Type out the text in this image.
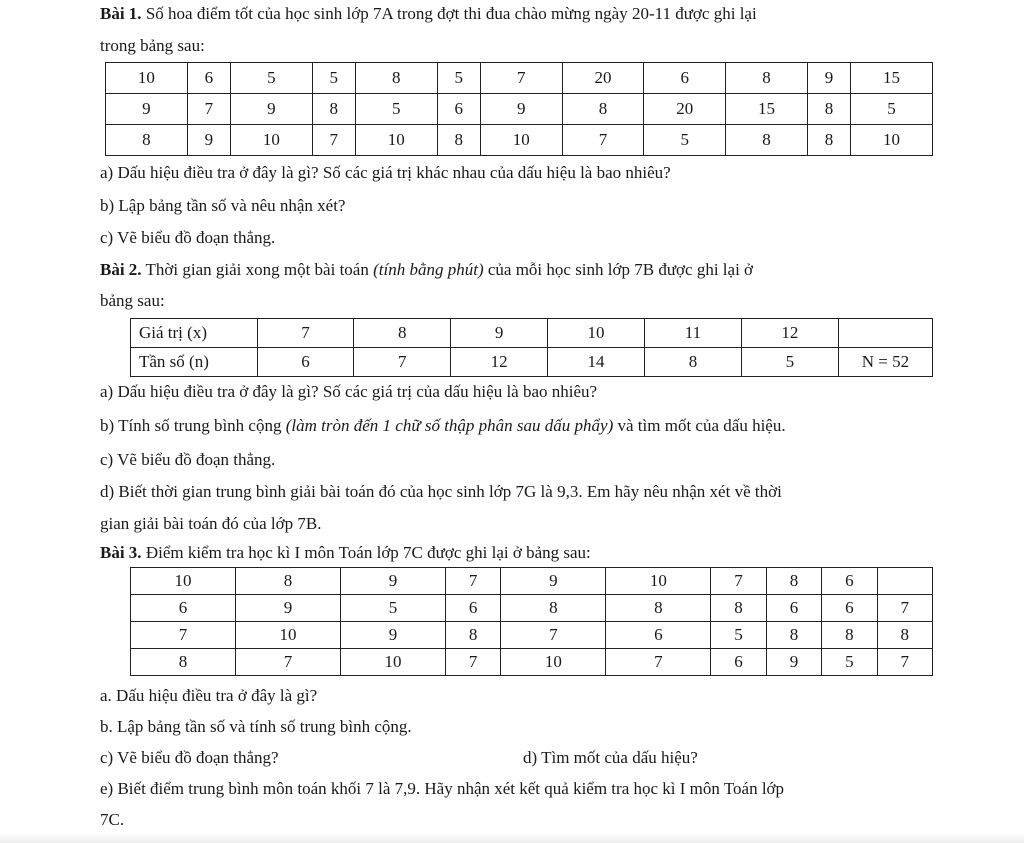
Bài 1. Số hoa điểm tốt của học sinh lớp 7A trong đợt thi đua chào mừng ngày 20-11 được ghi lại
trong bảng sau:
10	6	5	5	8	5	7	20	6	8	9	15
9	7	9	8	5	6	9	8	20	15	8	5
8	9	10	7	10	8	10	7	5	8	8	10
a) Dấu hiệu điều tra ở đây là gì? Số các giá trị khác nhau của dấu hiệu là bao nhiêu?
b) Lập bảng tần số và nêu nhận xét?
c) Vẽ biểu đồ đoạn thẳng.
Bài 2. Thời gian giải xong một bài toán (tính bằng phút) của mỗi học sinh lớp 7B được ghi lại ở
bảng sau:
Giá trị (x)	7	8	9	10	11	12	
Tần số (n)	6	7	12	14	8	5	N = 52
a) Dấu hiệu điều tra ở đây là gì? Số các giá trị của dấu hiệu là bao nhiêu?
b) Tính số trung bình cộng (làm tròn đến 1 chữ số thập phân sau dấu phẩy) và tìm mốt của dấu hiệu.
c) Vẽ biểu đồ đoạn thẳng.
d) Biết thời gian trung bình giải bài toán đó của học sinh lớp 7G là 9,3. Em hãy nêu nhận xét về thời
gian giải bài toán đó của lớp 7B.
Bài 3. Điểm kiểm tra học kì I môn Toán lớp 7C được ghi lại ở bảng sau:
10	8	9	7	9	10	7	8	6	
6	9	5	6	8	8	8	6	6	7
7	10	9	8	7	6	5	8	8	8
8	7	10	7	10	7	6	9	5	7
a. Dấu hiệu điều tra ở đây là gì?
b. Lập bảng tần số và tính số trung bình cộng.
c) Vẽ biểu đồ đoạn thẳng?	d) Tìm mốt của dấu hiệu?
e) Biết điểm trung bình môn toán khối 7 là 7,9. Hãy nhận xét kết quả kiểm tra học kì I môn Toán lớp
7C.
